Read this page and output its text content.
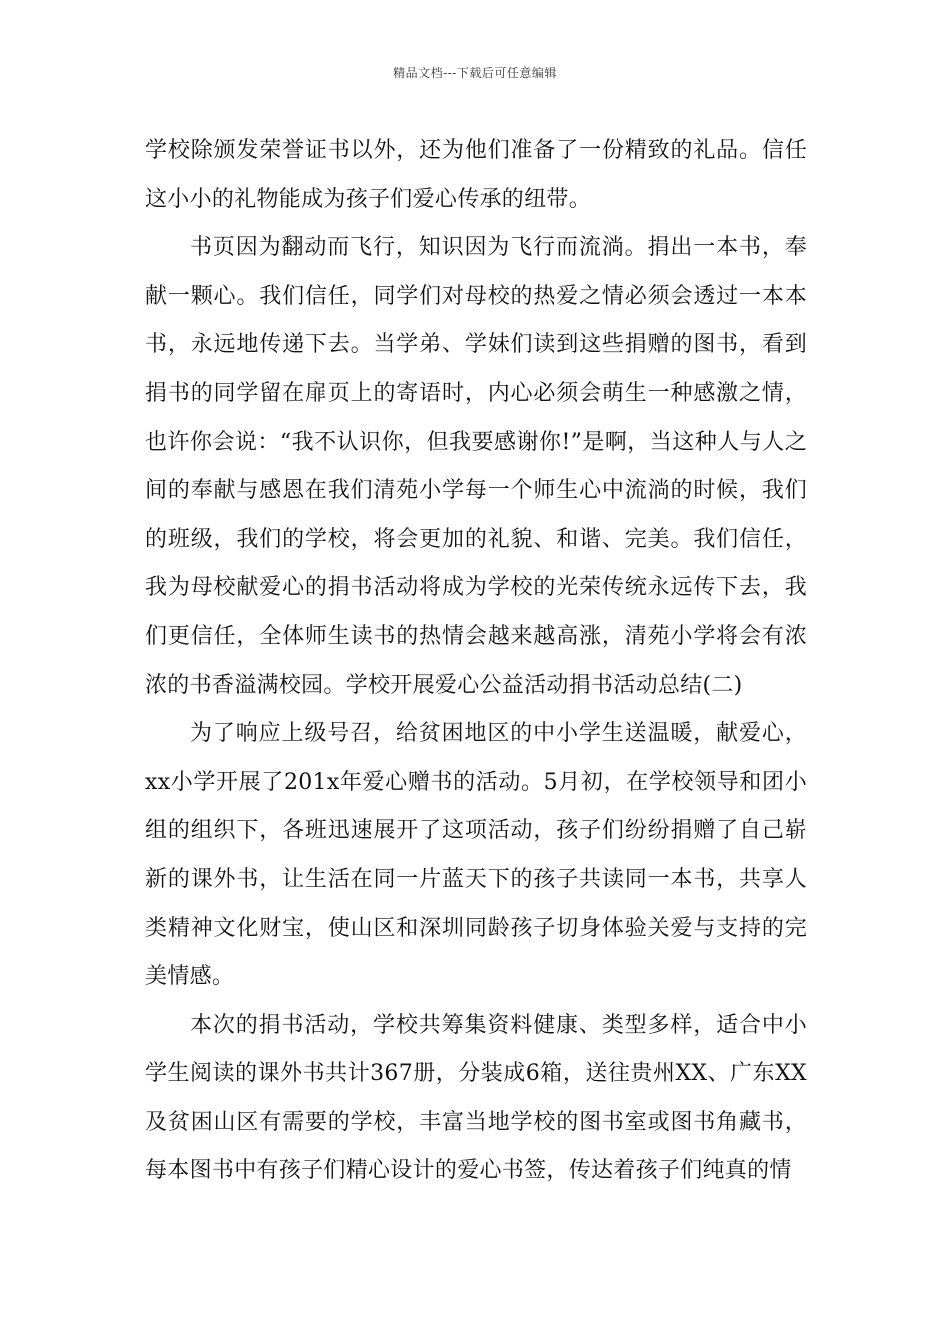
精品文档---下载后可任意编辑

学校除颁发荣誉证书以外，还为他们准备了一份精致的礼品。信任这小小的礼物能成为孩子们爱心传承的纽带。

书页因为翻动而飞行，知识因为飞行而流淌。捐出一本书，奉献一颗心。我们信任，同学们对母校的热爱之情必须会透过一本本书，永远地传递下去。当学弟、学妹们读到这些捐赠的图书，看到捐书的同学留在扉页上的寄语时，内心必须会萌生一种感激之情，也许你会说：“我不认识你，但我要感谢你!”是啊，当这种人与人之间的奉献与感恩在我们清苑小学每一个师生心中流淌的时候，我们的班级，我们的学校，将会更加的礼貌、和谐、完美。我们信任，我为母校献爱心的捐书活动将成为学校的光荣传统永远传下去，我们更信任，全体师生读书的热情会越来越高涨，清苑小学将会有浓浓的书香溢满校园。学校开展爱心公益活动捐书活动总结(二)

为了响应上级号召，给贫困地区的中小学生送温暖，献爱心，xx小学开展了201x年爱心赠书的活动。5月初，在学校领导和团小组的组织下，各班迅速展开了这项活动，孩子们纷纷捐赠了自己崭新的课外书，让生活在同一片蓝天下的孩子共读同一本书，共享人类精神文化财宝，使山区和深圳同龄孩子切身体验关爱与支持的完美情感。

本次的捐书活动，学校共筹集资料健康、类型多样，适合中小学生阅读的课外书共计367册，分装成6箱，送往贵州XX、广东XX及贫困山区有需要的学校，丰富当地学校的图书室或图书角藏书，每本图书中有孩子们精心设计的爱心书签，传达着孩子们纯真的情
